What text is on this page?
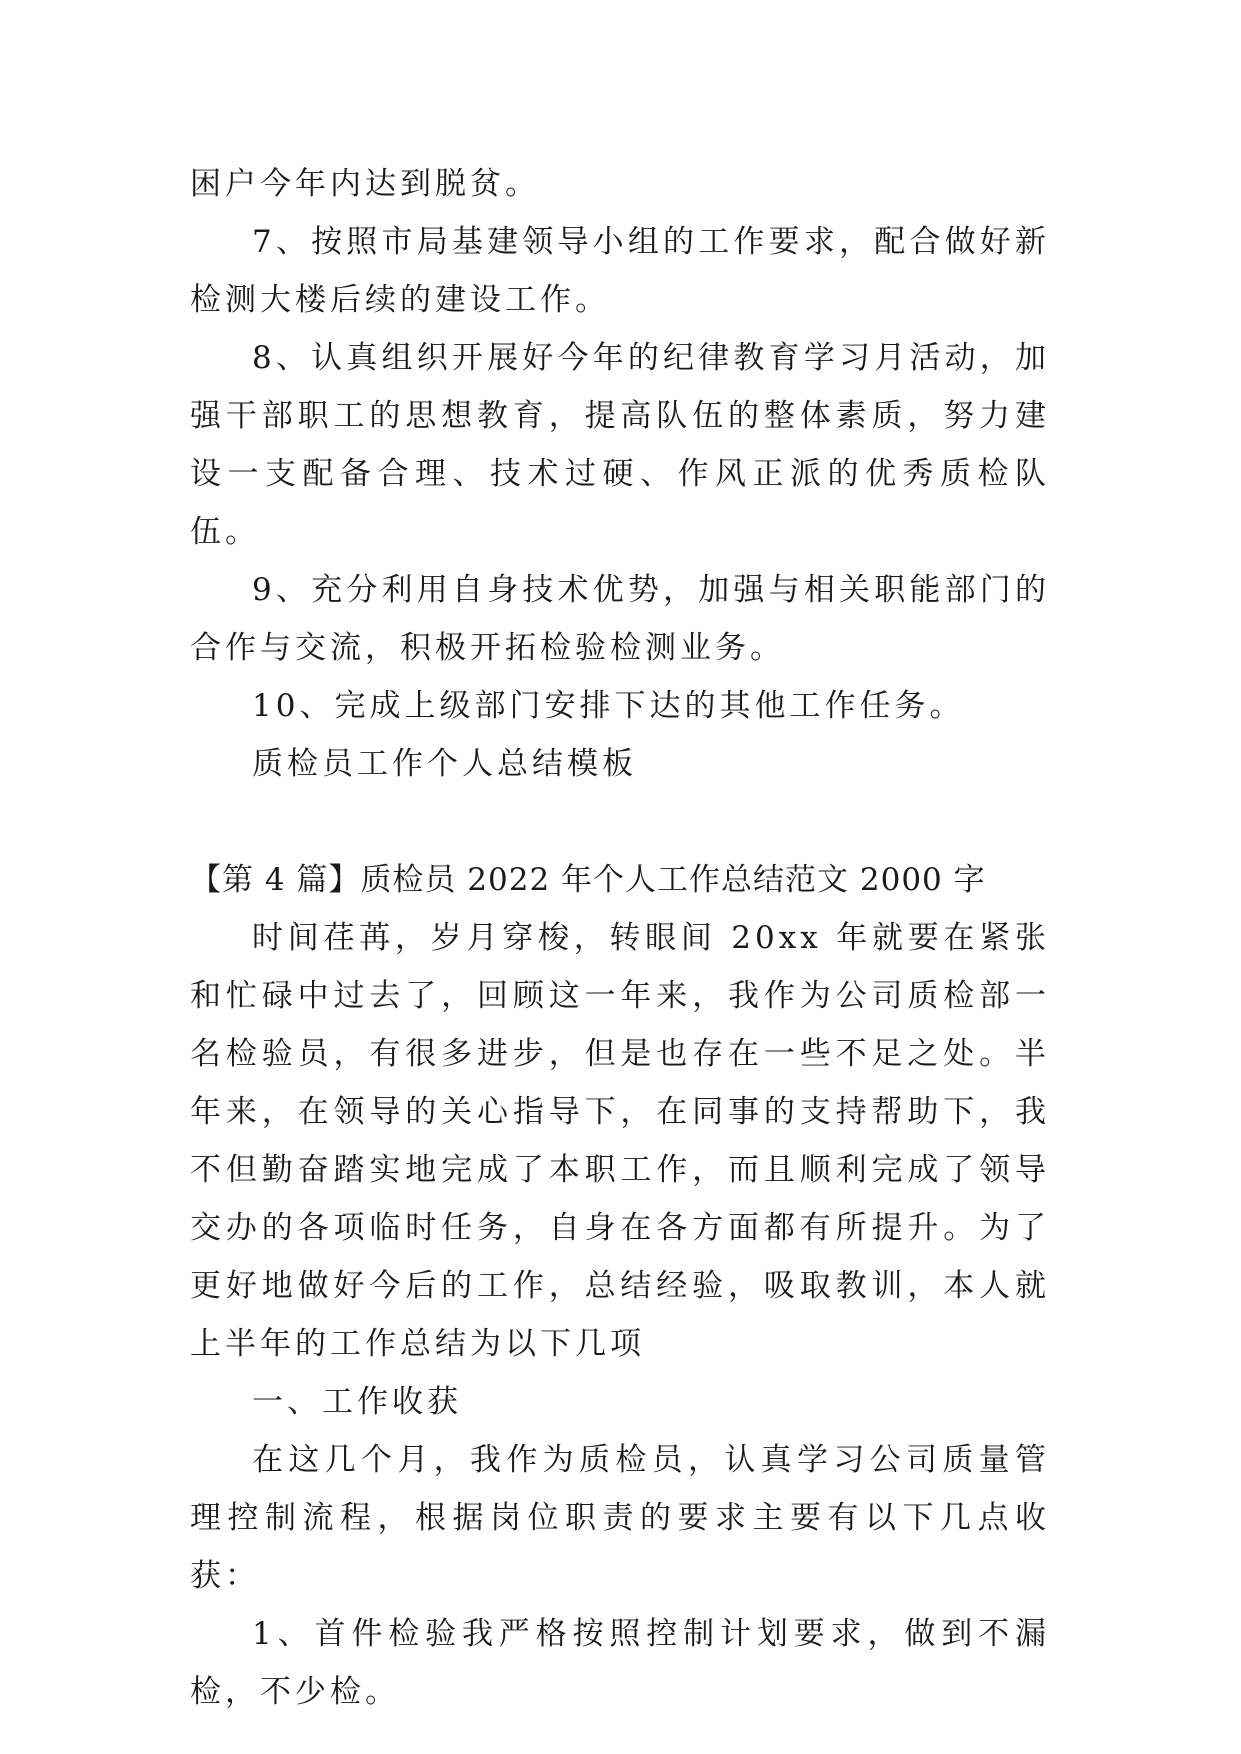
困户今年内达到脱贫。

7、按照市局基建领导小组的工作要求，配合做好新检测大楼后续的建设工作。

8、认真组织开展好今年的纪律教育学习月活动，加强干部职工的思想教育，提高队伍的整体素质，努力建设一支配备合理、技术过硬、作风正派的优秀质检队伍。

9、充分利用自身技术优势，加强与相关职能部门的合作与交流，积极开拓检验检测业务。

10、完成上级部门安排下达的其他工作任务。

质检员工作个人总结模板

【第 4 篇】质检员 2022 年个人工作总结范文 2000 字

时间荏苒，岁月穿梭，转眼间 20xx 年就要在紧张和忙碌中过去了，回顾这一年来，我作为公司质检部一名检验员，有很多进步，但是也存在一些不足之处。半年来，在领导的关心指导下，在同事的支持帮助下，我不但勤奋踏实地完成了本职工作，而且顺利完成了领导交办的各项临时任务，自身在各方面都有所提升。为了更好地做好今后的工作，总结经验，吸取教训，本人就上半年的工作总结为以下几项

一、工作收获

在这几个月，我作为质检员，认真学习公司质量管理控制流程，根据岗位职责的要求主要有以下几点收获：

1、首件检验我严格按照控制计划要求，做到不漏检，不少检。
